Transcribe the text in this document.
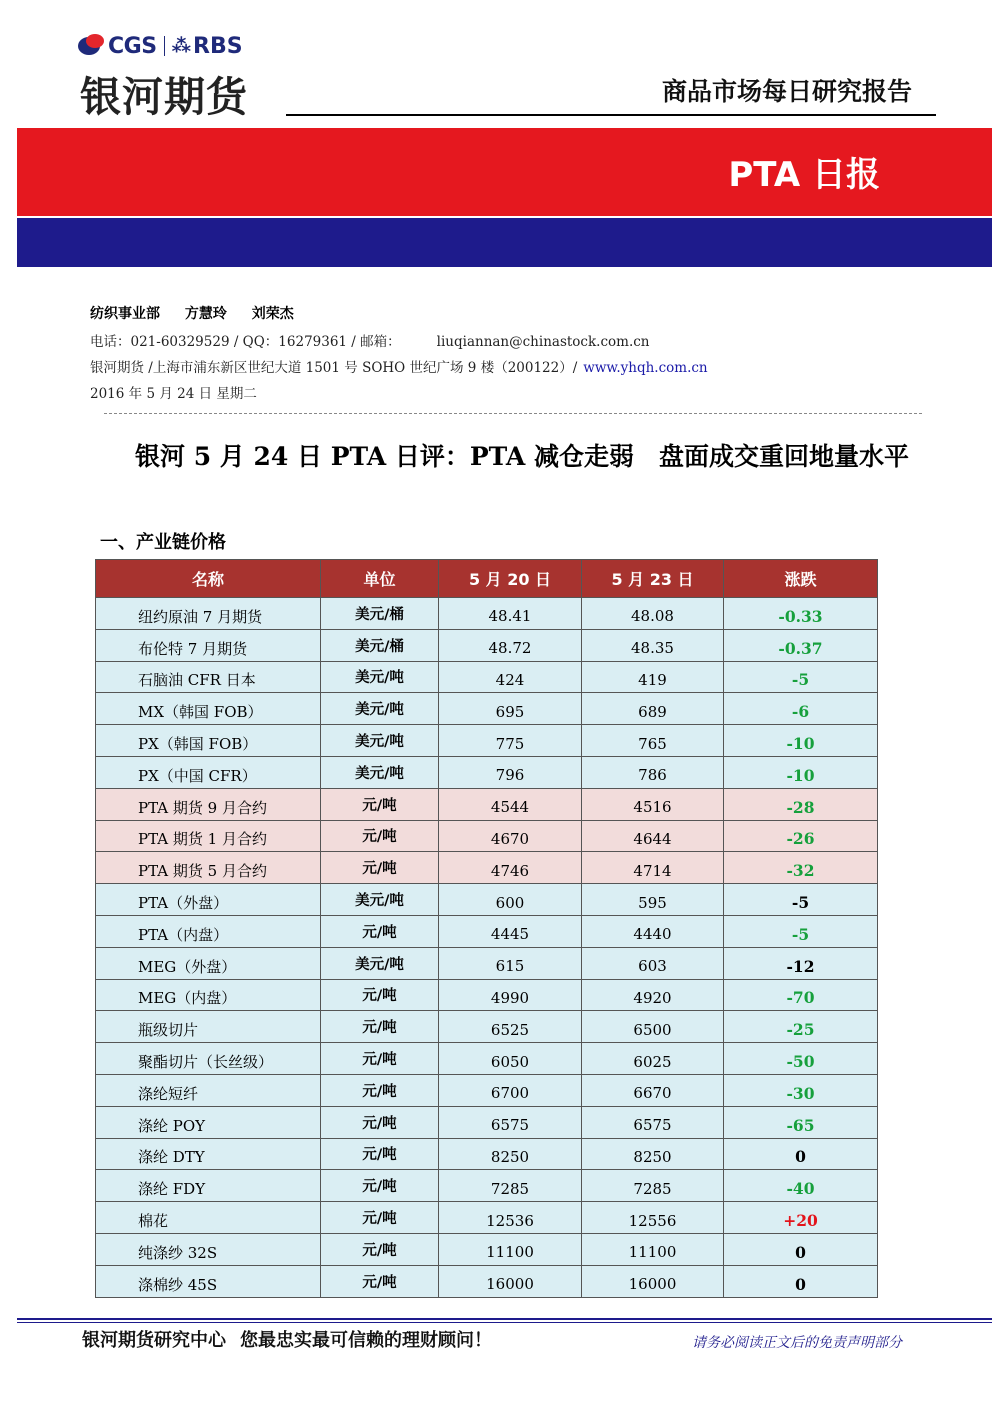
CGS ⁂ RBS
银河期货	商品市场每日研究报告
PTA 日报
纺织事业部 方慧玲 刘荣杰
电话：021-60329529 / QQ：16279361 / 邮箱：	liuqiannan@chinastock.com.cn
银河期货 /上海市浦东新区世纪大道 1501 号 SOHO 世纪广场 9 楼（200122）/ www.yhqh.com.cn
2016 年 5 月 24 日 星期二
银河 5 月 24 日 PTA 日评：PTA 减仓走弱　盘面成交重回地量水平
一、产业链价格
名称	单位	5 月 20 日	5 月 23 日	涨跌
纽约原油 7 月期货	美元/桶	48.41	48.08	-0.33
布伦特 7 月期货	美元/桶	48.72	48.35	-0.37
石脑油 CFR 日本	美元/吨	424	419	-5
MX（韩国 FOB）	美元/吨	695	689	-6
PX（韩国 FOB）	美元/吨	775	765	-10
PX（中国 CFR）	美元/吨	796	786	-10
PTA 期货 9 月合约	元/吨	4544	4516	-28
PTA 期货 1 月合约	元/吨	4670	4644	-26
PTA 期货 5 月合约	元/吨	4746	4714	-32
PTA（外盘）	美元/吨	600	595	-5
PTA（内盘）	元/吨	4445	4440	-5
MEG（外盘）	美元/吨	615	603	-12
MEG（内盘）	元/吨	4990	4920	-70
瓶级切片	元/吨	6525	6500	-25
聚酯切片（长丝级）	元/吨	6050	6025	-50
涤纶短纤	元/吨	6700	6670	-30
涤纶 POY	元/吨	6575	6575	-65
涤纶 DTY	元/吨	8250	8250	0
涤纶 FDY	元/吨	7285	7285	-40
棉花	元/吨	12536	12556	+20
纯涤纱 32S	元/吨	11100	11100	0
涤棉纱 45S	元/吨	16000	16000	0
银河期货研究中心 您最忠实最可信赖的理财顾问！	请务必阅读正文后的免责声明部分
